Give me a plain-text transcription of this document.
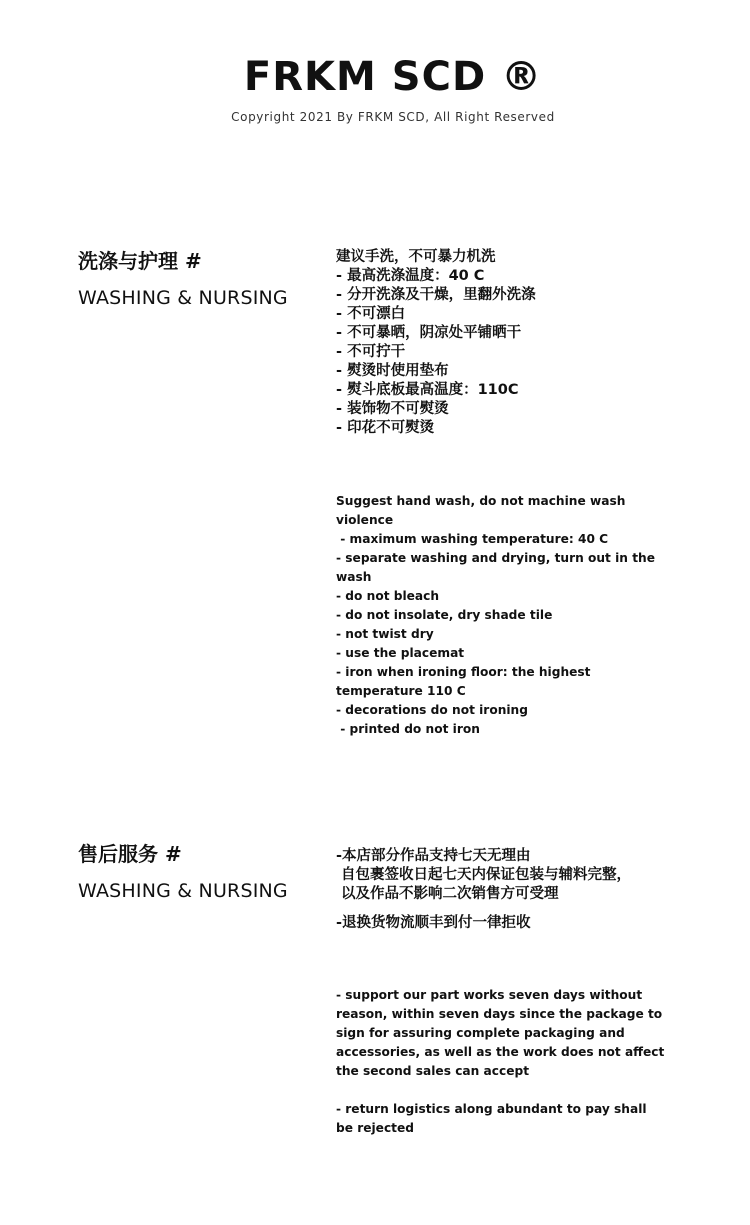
FRKM SCD ®
Copyright 2021 By FRKM SCD, All Right Reserved
洗涤与护理 #
WASHING & NURSING
建议手洗，不可暴力机洗
- 最高洗涤温度：40 C
- 分开洗涤及干燥，里翻外洗涤
- 不可漂白
- 不可暴晒，阴凉处平铺晒干
- 不可拧干
- 熨烫时使用垫布
- 熨斗底板最高温度：110C
- 装饰物不可熨烫
- 印花不可熨烫
Suggest hand wash, do not machine wash violence
- maximum washing temperature: 40 C
- separate washing and drying, turn out in the wash
- do not bleach
- do not insolate, dry shade tile
- not twist dry
- use the placemat
- iron when ironing floor: the highest temperature 110 C
- decorations do not ironing
- printed do not iron
售后服务 #
WASHING & NURSING
-本店部分作品支持七天无理由
自包裹签收日起七天内保证包装与辅料完整，
以及作品不影响二次销售方可受理
-退换货物流顺丰到付一律拒收
- support our part works seven days without reason, within seven days since the package to sign for assuring complete packaging and accessories, as well as the work does not affect the second sales can accept
- return logistics along abundant to pay shall be rejected
